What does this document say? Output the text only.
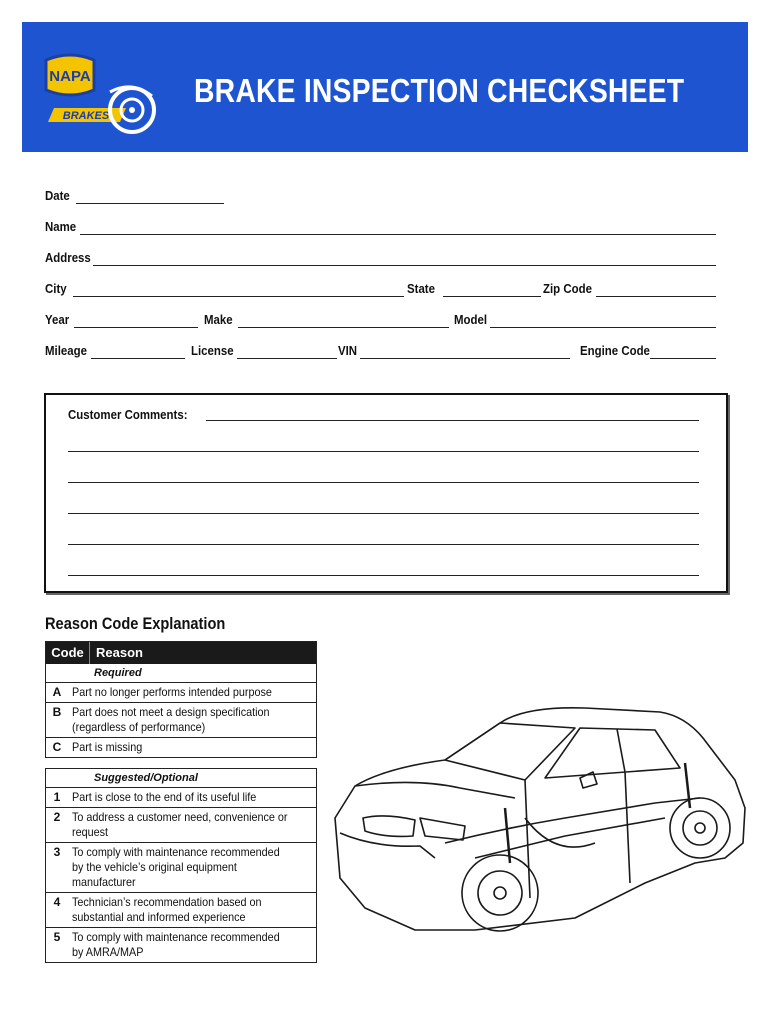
NAPA
BRAKES
BRAKE INSPECTION CHECKSHEET
Date
Name
Address
City	State	Zip Code
Year	Make	Model
Mileage	License	VIN	Engine Code
Customer Comments:
Reason Code Explanation
Code Reason
Required
A Part no longer performs intended purpose
B Part does not meet a design specification (regardless of performance)
C Part is missing
Suggested/Optional
1 Part is close to the end of its useful life
2 To address a customer need, convenience or request
3 To comply with maintenance recommended by the vehicle’s original equipment manufacturer
4 Technician’s recommendation based on substantial and informed experience
5 To comply with maintenance recommended by AMRA/MAP
